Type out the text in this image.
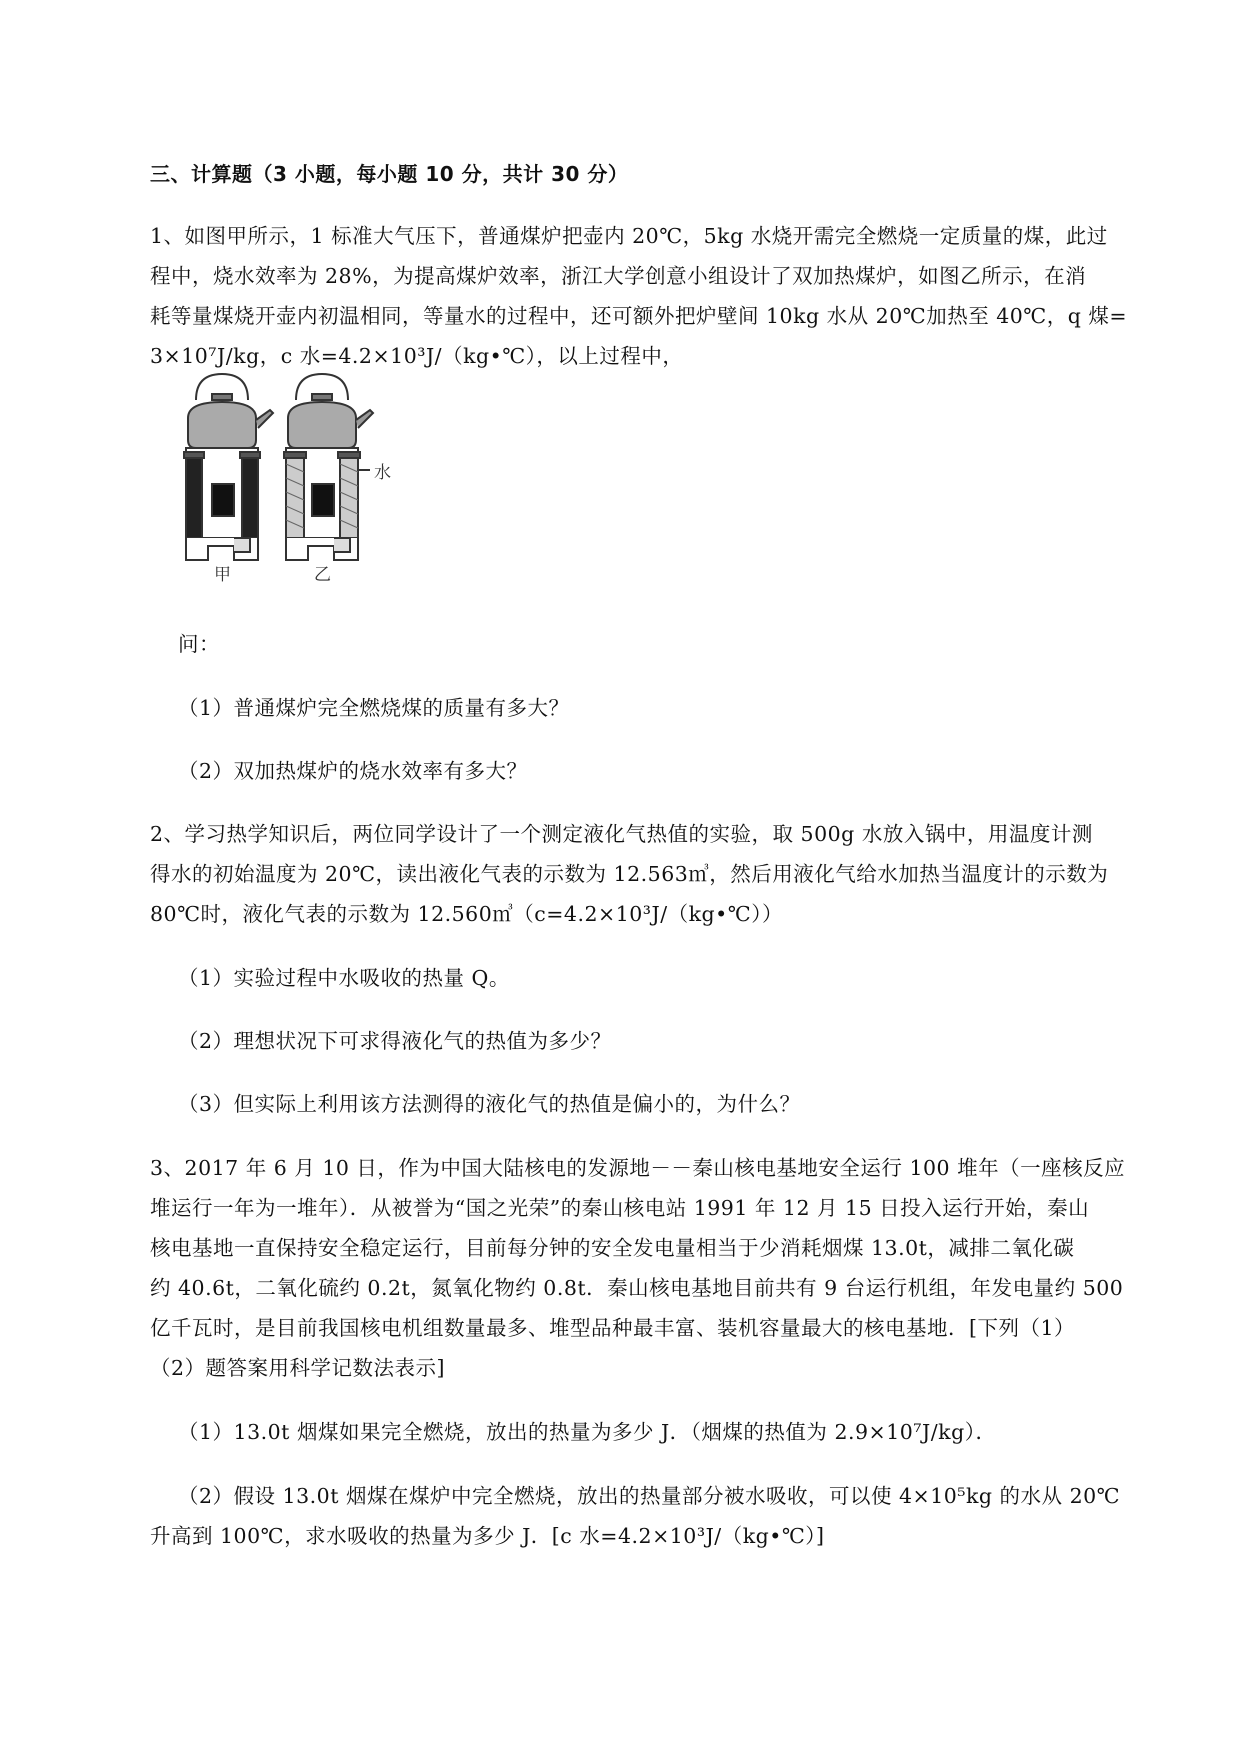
三、计算题（3 小题，每小题 10 分，共计 30 分）
1、如图甲所示，1 标准大气压下，普通煤炉把壶内 20℃，5kg 水烧开需完全燃烧一定质量的煤，此过
程中，烧水效率为 28%，为提高煤炉效率，浙江大学创意小组设计了双加热煤炉，如图乙所示，在消
耗等量煤烧开壶内初温相同，等量水的过程中，还可额外把炉壁间 10kg 水从 20℃加热至 40℃，q 煤=
3×10⁷J/kg，c 水=4.2×10³J/（kg•℃），以上过程中，
水
甲	乙
问：
（1）普通煤炉完全燃烧煤的质量有多大？
（2）双加热煤炉的烧水效率有多大？
2、学习热学知识后，两位同学设计了一个测定液化气热值的实验，取 500g 水放入锅中，用温度计测
得水的初始温度为 20℃，读出液化气表的示数为 12.563㎥，然后用液化气给水加热当温度计的示数为
80℃时，液化气表的示数为 12.560㎥（c=4.2×10³J/（kg•℃））
（1）实验过程中水吸收的热量 Q。
（2）理想状况下可求得液化气的热值为多少？
（3）但实际上利用该方法测得的液化气的热值是偏小的，为什么？
3、2017 年 6 月 10 日，作为中国大陆核电的发源地－－秦山核电基地安全运行 100 堆年（一座核反应
堆运行一年为一堆年）．从被誉为“国之光荣”的秦山核电站 1991 年 12 月 15 日投入运行开始，秦山
核电基地一直保持安全稳定运行，目前每分钟的安全发电量相当于少消耗烟煤 13.0t，减排二氧化碳
约 40.6t，二氧化硫约 0.2t，氮氧化物约 0.8t．秦山核电基地目前共有 9 台运行机组，年发电量约 500
亿千瓦时，是目前我国核电机组数量最多、堆型品种最丰富、装机容量最大的核电基地．[下列（1）
（2）题答案用科学记数法表示]
（1）13.0t 烟煤如果完全燃烧，放出的热量为多少 J．（烟煤的热值为 2.9×10⁷J/kg）．
（2）假设 13.0t 烟煤在煤炉中完全燃烧，放出的热量部分被水吸收，可以使 4×10⁵kg 的水从 20℃
升高到 100℃，求水吸收的热量为多少 J．[c 水=4.2×10³J/（kg•℃）]
